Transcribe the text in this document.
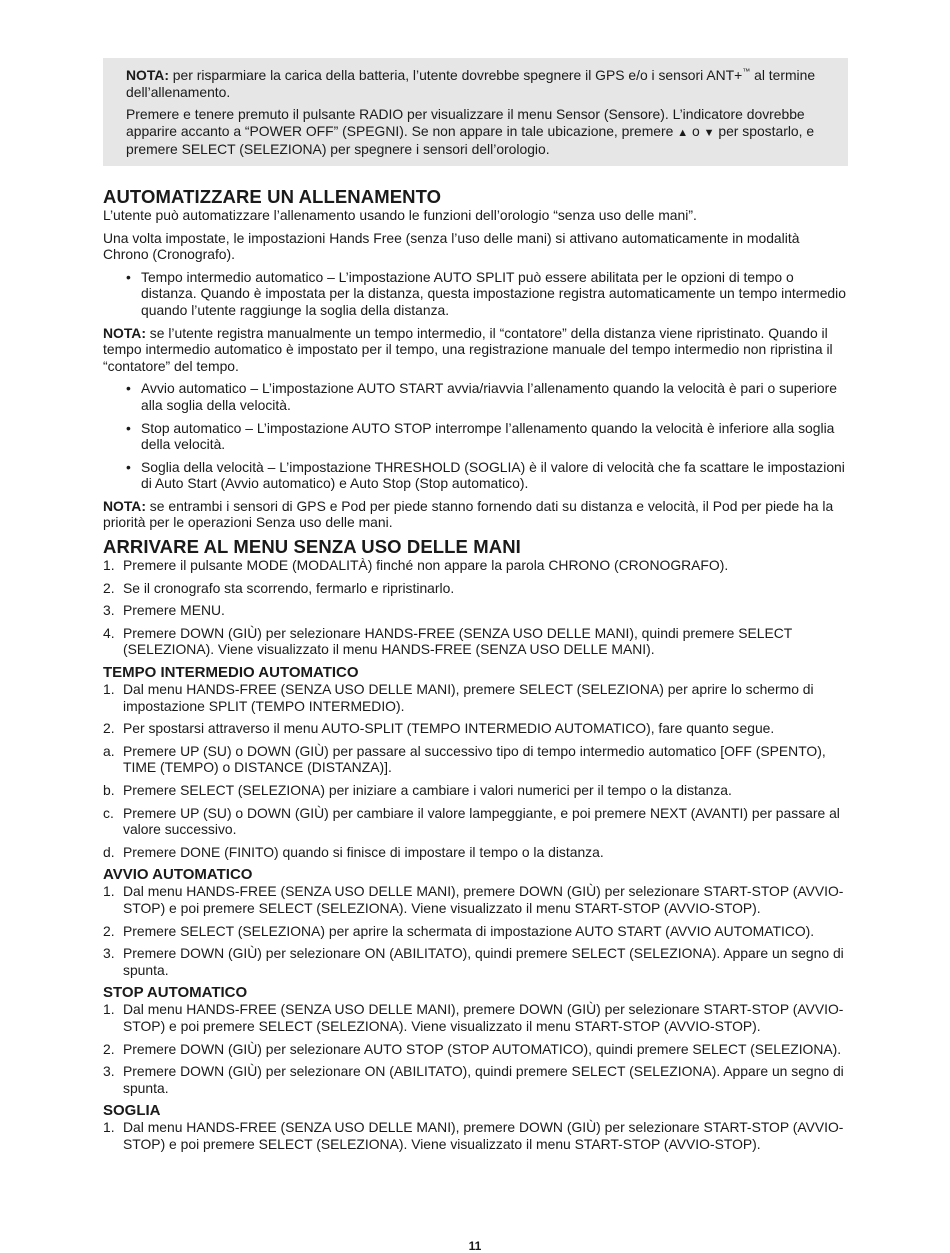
NOTA: per risparmiare la carica della batteria, l’utente dovrebbe spegnere il GPS e/o i sensori ANT+™ al termine dell’allenamento.

Premere e tenere premuto il pulsante RADIO per visualizzare il menu Sensor (Sensore). L’indicatore dovrebbe apparire accanto a “POWER OFF” (SPEGNI). Se non appare in tale ubicazione, premere ▲ o ▼ per spostarlo, e premere SELECT (SELEZIONA) per spegnere i sensori dell’orologio.

AUTOMATIZZARE UN ALLENAMENTO

L’utente può automatizzare l’allenamento usando le funzioni dell’orologio “senza uso delle mani”.

Una volta impostate, le impostazioni Hands Free (senza l’uso delle mani) si attivano automaticamente in modalità Chrono (Cronografo).

• Tempo intermedio automatico – L’impostazione AUTO SPLIT può essere abilitata per le opzioni di tempo o distanza. Quando è impostata per la distanza, questa impostazione registra automaticamente un tempo intermedio quando l’utente raggiunge la soglia della distanza.

NOTA: se l’utente registra manualmente un tempo intermedio, il “contatore” della distanza viene ripristinato. Quando il tempo intermedio automatico è impostato per il tempo, una registrazione manuale del tempo intermedio non ripristina il “contatore” del tempo.

• Avvio automatico – L’impostazione AUTO START avvia/riavvia l’allenamento quando la velocità è pari o superiore alla soglia della velocità.
• Stop automatico – L’impostazione AUTO STOP interrompe l’allenamento quando la velocità è inferiore alla soglia della velocità.
• Soglia della velocità – L’impostazione THRESHOLD (SOGLIA) è il valore di velocità che fa scattare le impostazioni di Auto Start (Avvio automatico) e Auto Stop (Stop automatico).

NOTA: se entrambi i sensori di GPS e Pod per piede stanno fornendo dati su distanza e velocità, il Pod per piede ha la priorità per le operazioni Senza uso delle mani.

ARRIVARE AL MENU SENZA USO DELLE MANI
1. Premere il pulsante MODE (MODALITÀ) finché non appare la parola CHRONO (CRONOGRAFO).
2. Se il cronografo sta scorrendo, fermarlo e ripristinarlo.
3. Premere MENU.
4. Premere DOWN (GIÙ) per selezionare HANDS-FREE (SENZA USO DELLE MANI), quindi premere SELECT (SELEZIONA). Viene visualizzato il menu HANDS-FREE (SENZA USO DELLE MANI).
TEMPO INTERMEDIO AUTOMATICO
1. Dal menu HANDS-FREE (SENZA USO DELLE MANI), premere SELECT (SELEZIONA) per aprire lo schermo di impostazione SPLIT (TEMPO INTERMEDIO).
2. Per spostarsi attraverso il menu AUTO-SPLIT (TEMPO INTERMEDIO AUTOMATICO), fare quanto segue.
a. Premere UP (SU) o DOWN (GIÙ) per passare al successivo tipo di tempo intermedio automatico [OFF (SPENTO), TIME (TEMPO) o DISTANCE (DISTANZA)].
b. Premere SELECT (SELEZIONA) per iniziare a cambiare i valori numerici per il tempo o la distanza.
c. Premere UP (SU) o DOWN (GIÙ) per cambiare il valore lampeggiante, e poi premere NEXT (AVANTI) per passare al valore successivo.
d. Premere DONE (FINITO) quando si finisce di impostare il tempo o la distanza.
AVVIO AUTOMATICO
1. Dal menu HANDS-FREE (SENZA USO DELLE MANI), premere DOWN (GIÙ) per selezionare START-STOP (AVVIO-STOP) e poi premere SELECT (SELEZIONA). Viene visualizzato il menu START-STOP (AVVIO-STOP).
2. Premere SELECT (SELEZIONA) per aprire la schermata di impostazione AUTO START (AVVIO AUTOMATICO).
3. Premere DOWN (GIÙ) per selezionare ON (ABILITATO), quindi premere SELECT (SELEZIONA). Appare un segno di spunta.
STOP AUTOMATICO
1. Dal menu HANDS-FREE (SENZA USO DELLE MANI), premere DOWN (GIÙ) per selezionare START-STOP (AVVIO-STOP) e poi premere SELECT (SELEZIONA). Viene visualizzato il menu START-STOP (AVVIO-STOP).
2. Premere DOWN (GIÙ) per selezionare AUTO STOP (STOP AUTOMATICO), quindi premere SELECT (SELEZIONA).
3. Premere DOWN (GIÙ) per selezionare ON (ABILITATO), quindi premere SELECT (SELEZIONA). Appare un segno di spunta.
SOGLIA
1. Dal menu HANDS-FREE (SENZA USO DELLE MANI), premere DOWN (GIÙ) per selezionare START-STOP (AVVIO-STOP) e poi premere SELECT (SELEZIONA). Viene visualizzato il menu START-STOP (AVVIO-STOP).
11
